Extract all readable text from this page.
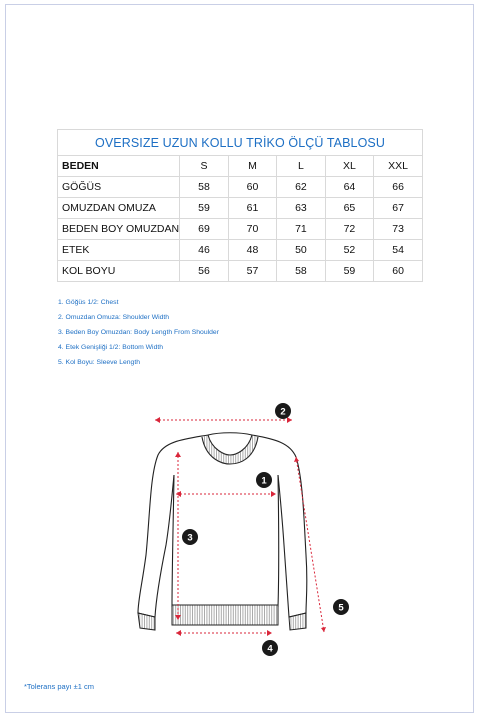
OVERSIZE UZUN KOLLU TRİKO ÖLÇÜ TABLOSU					
BEDEN	S	M	L	XL	XXL
GÖĞÜS	58	60	62	64	66
OMUZDAN OMUZA	59	61	63	65	67
BEDEN BOY OMUZDAN	69	70	71	72	73
ETEK	46	48	50	52	54
KOL BOYU	56	57	58	59	60
1. Göğüs 1/2: Chest
2. Omuzdan Omuza: Shoulder Width
3. Beden Boy Omuzdan: Body Length From Shoulder
4. Etek Genişliği 1/2: Bottom Width
5. Kol Boyu: Sleeve Length
1
2
3
4
5
*Tolerans payı ±1 cm
